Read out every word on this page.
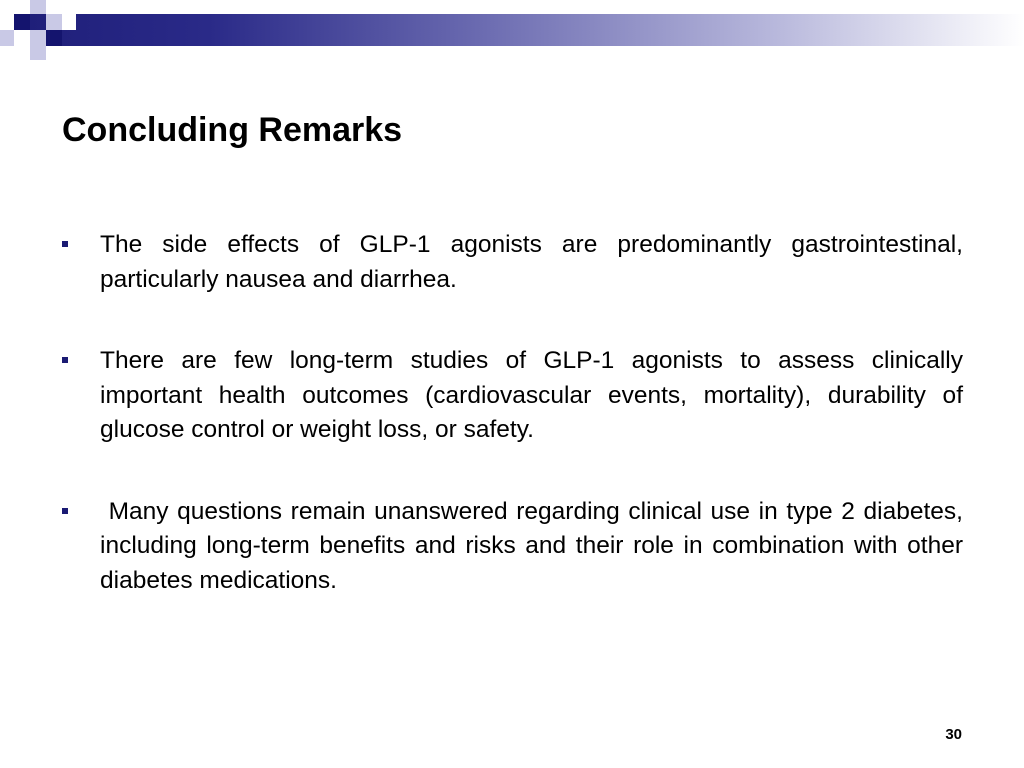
Concluding Remarks
The side effects of GLP-1 agonists are predominantly gastrointestinal, particularly nausea and diarrhea.
There are few long-term studies of GLP-1 agonists to assess clinically important health outcomes (cardiovascular events, mortality), durability of glucose control or weight loss, or safety.
Many questions remain unanswered regarding clinical use in type 2 diabetes, including long-term benefits and risks and their role in combination with other diabetes medications.
30
